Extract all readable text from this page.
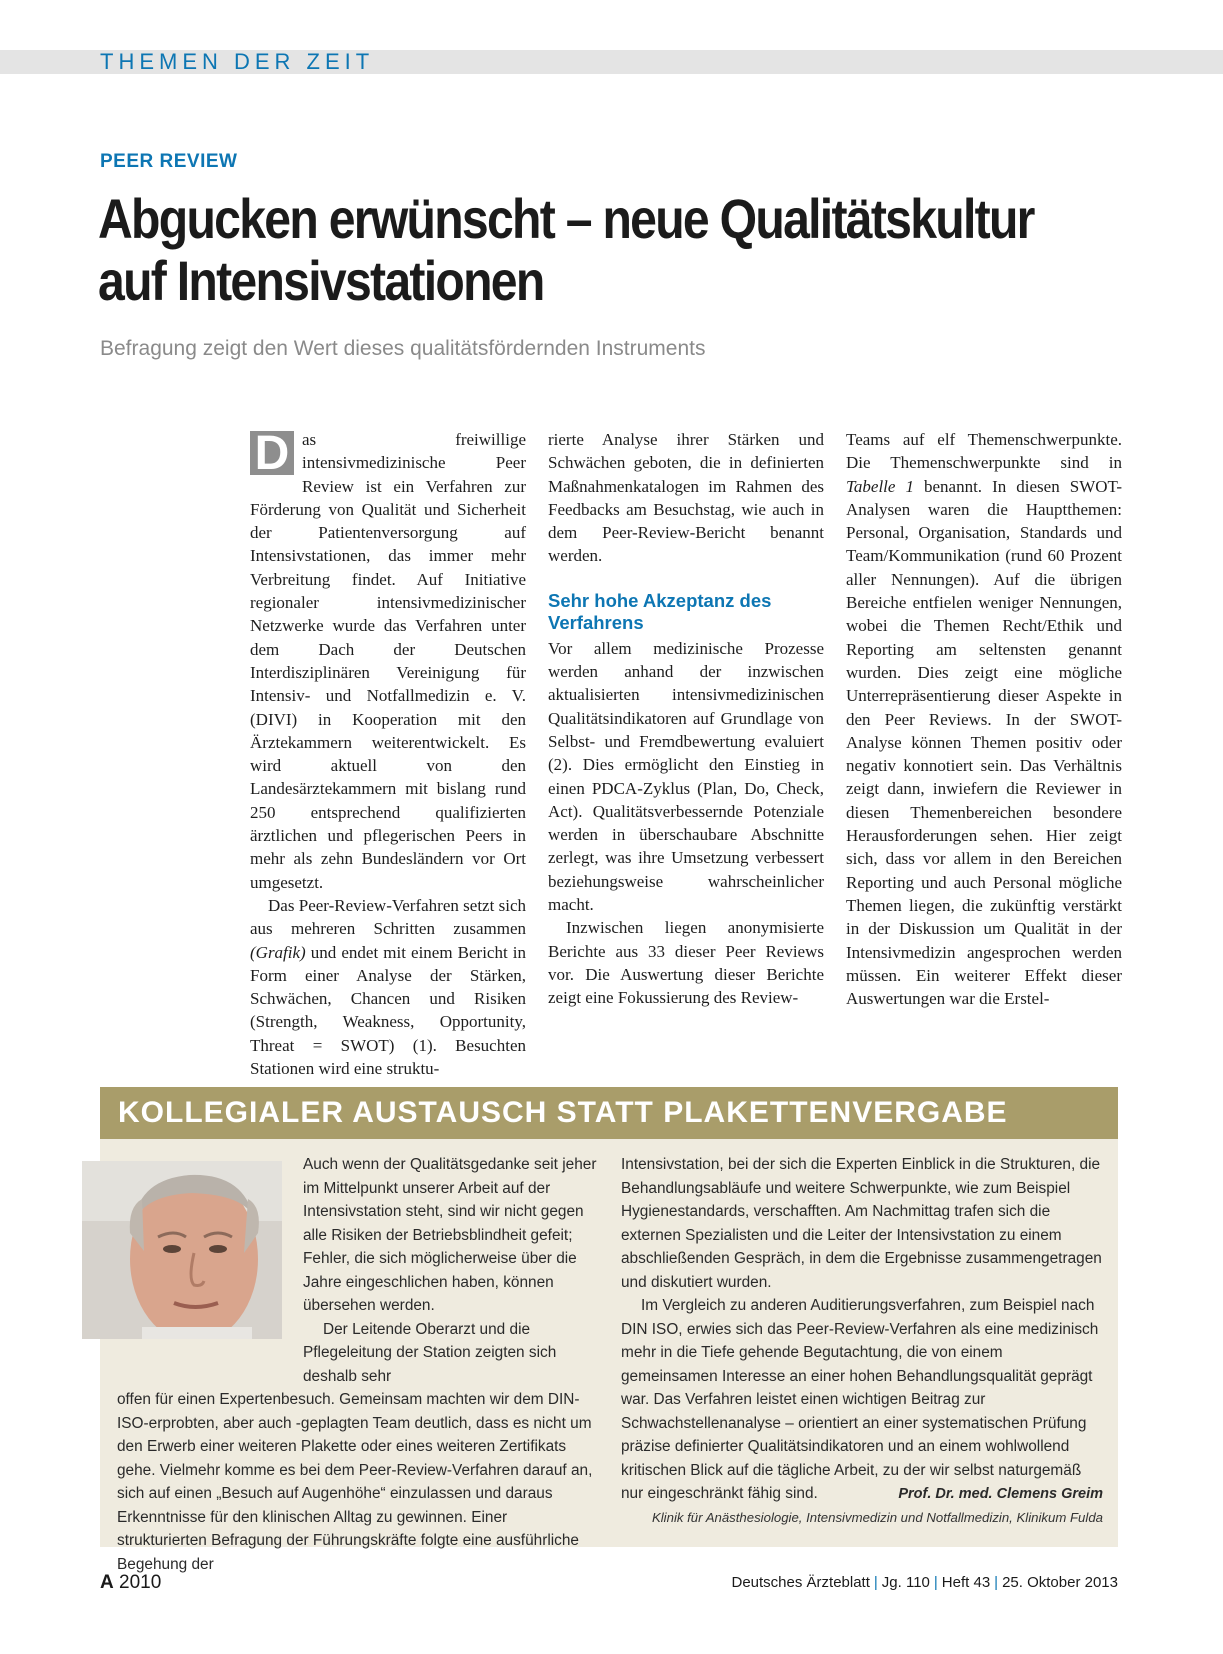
THEMEN DER ZEIT
PEER REVIEW
Abgucken erwünscht – neue Qualitätskultur
auf Intensivstationen
Befragung zeigt den Wert dieses qualitätsfördernden Instruments

D as freiwillige intensivmedizinische Peer Review ist ein Verfahren zur Förderung von Qualität und Sicherheit der Patientenversorgung auf Intensivstationen, das immer mehr Verbreitung findet. Auf Initiative regionaler intensivmedizinischer Netzwerke wurde das Verfahren unter dem Dach der Deutschen Interdisziplinären Vereinigung für Intensiv- und Notfallmedizin e. V. (DIVI) in Kooperation mit den Ärztekammern weiterentwickelt. Es wird aktuell von den Landesärztekammern mit bislang rund 250 entsprechend qualifizierten ärztlichen und pflegerischen Peers in mehr als zehn Bundesländern vor Ort umgesetzt.

Das Peer-Review-Verfahren setzt sich aus mehreren Schritten zusammen (Grafik) und endet mit einem Bericht in Form einer Analyse der Stärken, Schwächen, Chancen und Risiken (Strength, Weakness, Opportunity, Threat = SWOT) (1). Besuchten Stationen wird eine struktu-

rierte Analyse ihrer Stärken und Schwächen geboten, die in definierten Maßnahmenkatalogen im Rahmen des Feedbacks am Besuchstag, wie auch in dem Peer-Review-Bericht benannt werden.

Sehr hohe Akzeptanz des Verfahrens

Vor allem medizinische Prozesse werden anhand der inzwischen aktualisierten intensivmedizinischen Qualitätsindikatoren auf Grundlage von Selbst- und Fremdbewertung evaluiert (2). Dies ermöglicht den Einstieg in einen PDCA-Zyklus (Plan, Do, Check, Act). Qualitätsverbessernde Potenziale werden in überschaubare Abschnitte zerlegt, was ihre Umsetzung verbessert beziehungsweise wahrscheinlicher macht.

Inzwischen liegen anonymisierte Berichte aus 33 dieser Peer Reviews vor. Die Auswertung dieser Berichte zeigt eine Fokussierung des Review-

Teams auf elf Themenschwerpunkte. Die Themenschwerpunkte sind in Tabelle 1 benannt. In diesen SWOT-Analysen waren die Hauptthemen: Personal, Organisation, Standards und Team/Kommunikation (rund 60 Prozent aller Nennungen). Auf die übrigen Bereiche entfielen weniger Nennungen, wobei die Themen Recht/Ethik und Reporting am seltensten genannt wurden. Dies zeigt eine mögliche Unterrepräsentierung dieser Aspekte in den Peer Reviews. In der SWOT-Analyse können Themen positiv oder negativ konnotiert sein. Das Verhältnis zeigt dann, inwiefern die Reviewer in diesen Themenbereichen besondere Herausforderungen sehen. Hier zeigt sich, dass vor allem in den Bereichen Reporting und auch Personal mögliche Themen liegen, die zukünftig verstärkt in der Diskussion um Qualität in der Intensivmedizin angesprochen werden müssen. Ein weiterer Effekt dieser Auswertungen war die Erstel-

KOLLEGIALER AUSTAUSCH STATT PLAKETTENVERGABE

Auch wenn der Qualitätsgedanke seit jeher im Mittelpunkt unserer Arbeit auf der Intensivstation steht, sind wir nicht gegen alle Risiken der Betriebsblindheit gefeit; Fehler, die sich möglicherweise über die Jahre eingeschlichen haben, können übersehen werden.

Der Leitende Oberarzt und die Pflegeleitung der Station zeigten sich deshalb sehr

offen für einen Expertenbesuch. Gemeinsam machten wir dem DIN-ISO-erprobten, aber auch -geplagten Team deutlich, dass es nicht um den Erwerb einer weiteren Plakette oder eines weiteren Zertifikats gehe. Vielmehr komme es bei dem Peer-Review-Verfahren darauf an, sich auf einen „Besuch auf Augenhöhe“ einzulassen und daraus Erkenntnisse für den klinischen Alltag zu gewinnen. Einer strukturierten Befragung der Führungskräfte folgte eine ausführliche Begehung der

Intensivstation, bei der sich die Experten Einblick in die Strukturen, die Behandlungsabläufe und weitere Schwerpunkte, wie zum Beispiel Hygienestandards, verschafften. Am Nachmittag trafen sich die externen Spezialisten und die Leiter der Intensivstation zu einem abschließenden Gespräch, in dem die Ergebnisse zusammengetragen und diskutiert wurden.

Im Vergleich zu anderen Auditierungsverfahren, zum Beispiel nach DIN ISO, erwies sich das Peer-Review-Verfahren als eine medizinisch mehr in die Tiefe gehende Begutachtung, die von einem gemeinsamen Interesse an einer hohen Behandlungsqualität geprägt war. Das Verfahren leistet einen wichtigen Beitrag zur Schwachstellenanalyse – orientiert an einer systematischen Prüfung präzise definierter Qualitätsindikatoren und an einem wohlwollend kritischen Blick auf die tägliche Arbeit, zu der wir selbst naturgemäß nur eingeschränkt fähig sind.	Prof. Dr. med. Clemens Greim

Klinik für Anästhesiologie, Intensivmedizin und Notfallmedizin, Klinikum Fulda

A 2010	Deutsches Ärzteblatt | Jg. 110 | Heft 43 | 25. Oktober 2013
